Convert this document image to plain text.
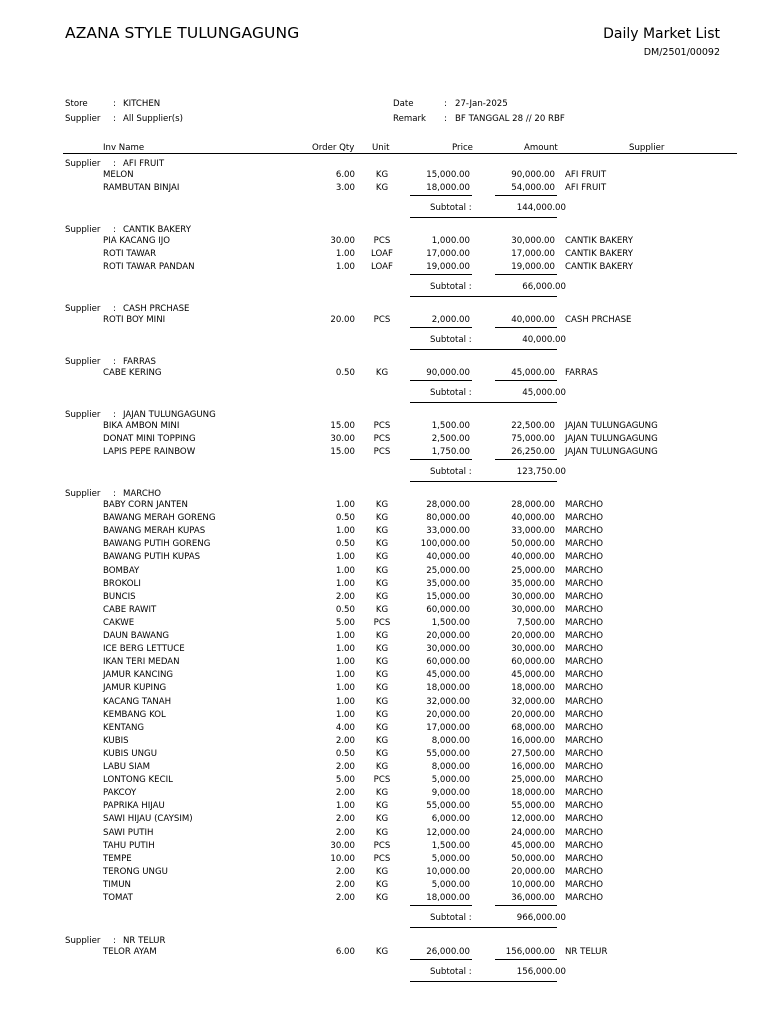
AZANA STYLE TULUNGAGUNG	Daily Market List
DM/2501/00092
Store	: KITCHEN
Supplier : All Supplier(s)
Date	: 27-Jan-2025
Remark : BF TANGGAL 28 // 20 RBF
Inv Name	Order Qty Unit	Price	Amount	Supplier
Supplier : AFI FRUIT
MELON	6.00	KG	15,000.00	90,000.00 AFI FRUIT
RAMBUTAN BINJAI	3.00	KG	18,000.00	54,000.00 AFI FRUIT
Subtotal :	144,000.00
Supplier : CANTIK BAKERY
PIA KACANG IJO	30.00	PCS	1,000.00	30,000.00 CANTIK BAKERY
ROTI TAWAR	1.00	LOAF	17,000.00	17,000.00 CANTIK BAKERY
ROTI TAWAR PANDAN	1.00	LOAF	19,000.00	19,000.00 CANTIK BAKERY
Subtotal :	66,000.00
Supplier : CASH PRCHASE
ROTI BOY MINI	20.00	PCS	2,000.00	40,000.00 CASH PRCHASE
Subtotal :	40,000.00
Supplier : FARRAS
CABE KERING	0.50	KG	90,000.00	45,000.00 FARRAS
Subtotal :	45,000.00
Supplier : JAJAN TULUNGAGUNG
BIKA AMBON MINI	15.00	PCS	1,500.00	22,500.00 JAJAN TULUNGAGUNG
DONAT MINI TOPPING	30.00	PCS	2,500.00	75,000.00 JAJAN TULUNGAGUNG
LAPIS PEPE RAINBOW	15.00	PCS	1,750.00	26,250.00 JAJAN TULUNGAGUNG
Subtotal :	123,750.00
Supplier : MARCHO
BABY CORN JANTEN	1.00	KG	28,000.00	28,000.00 MARCHO
BAWANG MERAH GORENG	0.50	KG	80,000.00	40,000.00 MARCHO
BAWANG MERAH KUPAS	1.00	KG	33,000.00	33,000.00 MARCHO
BAWANG PUTIH GORENG	0.50	KG	100,000.00	50,000.00 MARCHO
BAWANG PUTIH KUPAS	1.00	KG	40,000.00	40,000.00 MARCHO
BOMBAY	1.00	KG	25,000.00	25,000.00 MARCHO
BROKOLI	1.00	KG	35,000.00	35,000.00 MARCHO
BUNCIS	2.00	KG	15,000.00	30,000.00 MARCHO
CABE RAWIT	0.50	KG	60,000.00	30,000.00 MARCHO
CAKWE	5.00	PCS	1,500.00	7,500.00 MARCHO
DAUN BAWANG	1.00	KG	20,000.00	20,000.00 MARCHO
ICE BERG LETTUCE	1.00	KG	30,000.00	30,000.00 MARCHO
IKAN TERI MEDAN	1.00	KG	60,000.00	60,000.00 MARCHO
JAMUR KANCING	1.00	KG	45,000.00	45,000.00 MARCHO
JAMUR KUPING	1.00	KG	18,000.00	18,000.00 MARCHO
KACANG TANAH	1.00	KG	32,000.00	32,000.00 MARCHO
KEMBANG KOL	1.00	KG	20,000.00	20,000.00 MARCHO
KENTANG	4.00	KG	17,000.00	68,000.00 MARCHO
KUBIS	2.00	KG	8,000.00	16,000.00 MARCHO
KUBIS UNGU	0.50	KG	55,000.00	27,500.00 MARCHO
LABU SIAM	2.00	KG	8,000.00	16,000.00 MARCHO
LONTONG KECIL	5.00	PCS	5,000.00	25,000.00 MARCHO
PAKCOY	2.00	KG	9,000.00	18,000.00 MARCHO
PAPRIKA HIJAU	1.00	KG	55,000.00	55,000.00 MARCHO
SAWI HIJAU (CAYSIM)	2.00	KG	6,000.00	12,000.00 MARCHO
SAWI PUTIH	2.00	KG	12,000.00	24,000.00 MARCHO
TAHU PUTIH	30.00	PCS	1,500.00	45,000.00 MARCHO
TEMPE	10.00	PCS	5,000.00	50,000.00 MARCHO
TERONG UNGU	2.00	KG	10,000.00	20,000.00 MARCHO
TIMUN	2.00	KG	5,000.00	10,000.00 MARCHO
TOMAT	2.00	KG	18,000.00	36,000.00 MARCHO
Subtotal :	966,000.00
Supplier : NR TELUR
TELOR AYAM	6.00	KG	26,000.00	156,000.00 NR TELUR
Subtotal :	156,000.00
